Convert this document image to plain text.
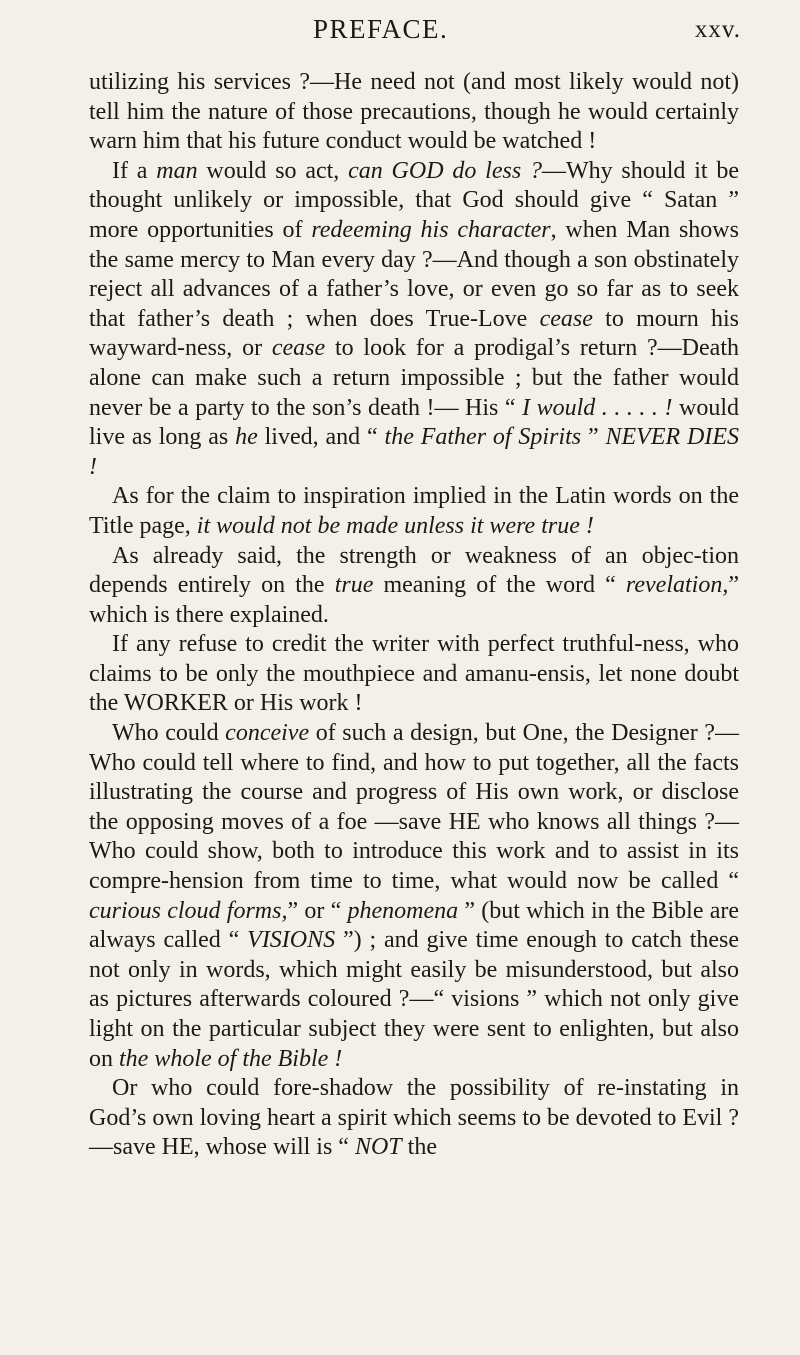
PREFACE.	xxv.

utilizing his services ?—He need not (and most likely would not) tell him the nature of those precautions, though he would certainly warn him that his future conduct would be watched !

If a man would so act, can GOD do less ?—Why should it be thought unlikely or impossible, that God should give “ Satan ” more opportunities of redeeming his character, when Man shows the same mercy to Man every day ?—And though a son obstinately reject all advances of a father’s love, or even go so far as to seek that father’s death ; when does True-Love cease to mourn his wayward-ness, or cease to look for a prodigal’s return ?—Death alone can make such a return impossible ; but the father would never be a party to the son’s death !— His “ I would . . . . . ! would live as long as he lived, and “ the Father of Spirits ” NEVER DIES !

As for the claim to inspiration implied in the Latin words on the Title page, it would not be made unless it were true !

As already said, the strength or weakness of an objec-tion depends entirely on the true meaning of the word “ revelation,” which is there explained.

If any refuse to credit the writer with perfect truthful-ness, who claims to be only the mouthpiece and amanu-ensis, let none doubt the WORKER or His work !

Who could conceive of such a design, but One, the Designer ?—Who could tell where to find, and how to put together, all the facts illustrating the course and progress of His own work, or disclose the opposing moves of a foe —save HE who knows all things ?—Who could show, both to introduce this work and to assist in its compre-hension from time to time, what would now be called “ curious cloud forms,” or “ phenomena ” (but which in the Bible are always called “ VISIONS ”) ; and give time enough to catch these not only in words, which might easily be misunderstood, but also as pictures afterwards coloured ?—“ visions ” which not only give light on the particular subject they were sent to enlighten, but also on the whole of the Bible !

Or who could fore-shadow the possibility of re-instating in God’s own loving heart a spirit which seems to be devoted to Evil ?—save HE, whose will is “ NOT the
